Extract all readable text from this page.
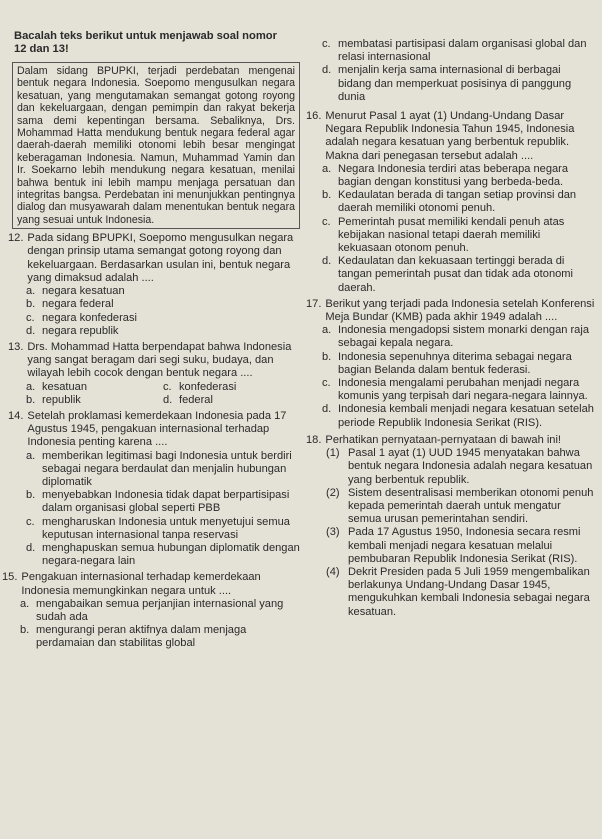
Bacalah teks berikut untuk menjawab soal nomor
12 dan 13!
Dalam sidang BPUPKI, terjadi perdebatan mengenai bentuk negara Indonesia. Soepomo mengusulkan negara kesatuan, yang mengutamakan semangat gotong royong dan kekeluargaan, dengan pemimpin dan rakyat bekerja sama demi kepentingan bersama. Sebaliknya, Drs. Mohammad Hatta mendukung bentuk negara federal agar daerah-daerah memiliki otonomi lebih besar mengingat keberagaman Indonesia. Namun, Muhammad Yamin dan Ir. Soekarno lebih mendukung negara kesatuan, menilai bahwa bentuk ini lebih mampu menjaga persatuan dan integritas bangsa. Perdebatan ini menunjukkan pentingnya dialog dan musyawarah dalam menentukan bentuk negara yang sesuai untuk Indonesia.
12. Pada sidang BPUPKI, Soepomo mengusulkan negara dengan prinsip utama semangat gotong royong dan kekeluargaan. Berdasarkan usulan ini, bentuk negara yang dimaksud adalah ....
a. negara kesatuan
b. negara federal
c. negara konfederasi
d. negara republik
13. Drs. Mohammad Hatta berpendapat bahwa Indonesia yang sangat beragam dari segi suku, budaya, dan wilayah lebih cocok dengan bentuk negara ....
a. kesatuan	c. konfederasi
b. republik	d. federal
14. Setelah proklamasi kemerdekaan Indonesia pada 17 Agustus 1945, pengakuan internasional terhadap Indonesia penting karena ....
a. memberikan legitimasi bagi Indonesia untuk berdiri sebagai negara berdaulat dan menjalin hubungan diplomatik
b. menyebabkan Indonesia tidak dapat berpartisipasi dalam organisasi global seperti PBB
c. mengharuskan Indonesia untuk menyetujui semua keputusan internasional tanpa reservasi
d. menghapuskan semua hubungan diplomatik dengan negara-negara lain
15. Pengakuan internasional terhadap kemerdekaan Indonesia memungkinkan negara untuk ....
a. mengabaikan semua perjanjian internasional yang sudah ada
b. mengurangi peran aktifnya dalam menjaga perdamaian dan stabilitas global
c. membatasi partisipasi dalam organisasi global dan relasi internasional
d. menjalin kerja sama internasional di berbagai bidang dan memperkuat posisinya di panggung dunia
16. Menurut Pasal 1 ayat (1) Undang-Undang Dasar Negara Republik Indonesia Tahun 1945, Indonesia adalah negara kesatuan yang berbentuk republik. Makna dari penegasan tersebut adalah ....
a. Negara Indonesia terdiri atas beberapa negara bagian dengan konstitusi yang berbeda-beda.
b. Kedaulatan berada di tangan setiap provinsi dan daerah memiliki otonomi penuh.
c. Pemerintah pusat memiliki kendali penuh atas kebijakan nasional tetapi daerah memiliki kekuasaan otonom penuh.
d. Kedaulatan dan kekuasaan tertinggi berada di tangan pemerintah pusat dan tidak ada otonomi daerah.
17. Berikut yang terjadi pada Indonesia setelah Konferensi Meja Bundar (KMB) pada akhir 1949 adalah ....
a. Indonesia mengadopsi sistem monarki dengan raja sebagai kepala negara.
b. Indonesia sepenuhnya diterima sebagai negara bagian Belanda dalam bentuk federasi.
c. Indonesia mengalami perubahan menjadi negara komunis yang terpisah dari negara-negara lainnya.
d. Indonesia kembali menjadi negara kesatuan setelah periode Republik Indonesia Serikat (RIS).
18. Perhatikan pernyataan-pernyataan di bawah ini!
(1) Pasal 1 ayat (1) UUD 1945 menyatakan bahwa bentuk negara Indonesia adalah negara kesatuan yang berbentuk republik.
(2) Sistem desentralisasi memberikan otonomi penuh kepada pemerintah daerah untuk mengatur semua urusan pemerintahan sendiri.
(3) Pada 17 Agustus 1950, Indonesia secara resmi kembali menjadi negara kesatuan melalui pembubaran Republik Indonesia Serikat (RIS).
(4) Dekrit Presiden pada 5 Juli 1959 mengembalikan berlakunya Undang-Undang Dasar 1945, mengukuhkan kembali Indonesia sebagai negara kesatuan.
